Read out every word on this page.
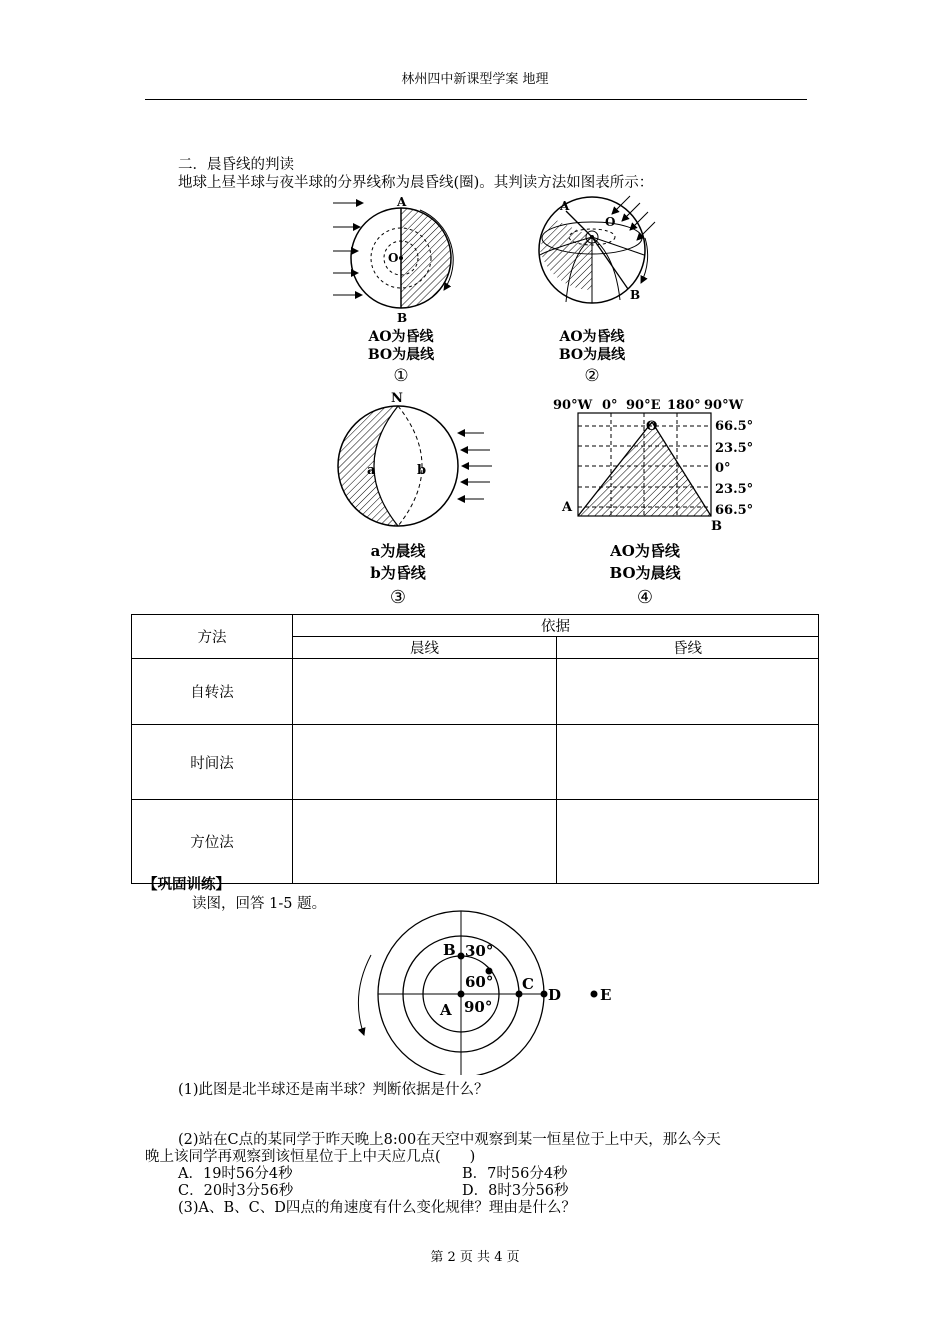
林州四中新课型学案 地理
二．晨昏线的判读
地球上昼半球与夜半球的分界线称为晨昏线(圈)。其判读方法如图表所示：
A
B
O
AO为昏线
BO为晨线
①
A
B
O
AO为昏线
BO为晨线
②
N
a	b
a为晨线
b为昏线
③
90°W 0° 90°E 180° 90°W
66.5°
23.5°
0°
23.5°
66.5°
A
B
O
AO为昏线
BO为晨线
④
方法	依据	
	晨线	昏线
自转法		
时间法		
方位法		
【巩固训练】
读图，回答 1-5 题。
A
B
C
D	E
30°
60°
90°
(1)此图是北半球还是南半球？判断依据是什么？
(2)站在C点的某同学于昨天晚上8:00在天空中观察到某一恒星位于上中天，那么今天
晚上该同学再观察到该恒星位于上中天应几点(　　)
A．19时56分4秒	B．7时56分4秒
C．20时3分56秒	D．8时3分56秒
(3)A、B、C、D四点的角速度有什么变化规律？理由是什么？
第 2 页 共 4 页
